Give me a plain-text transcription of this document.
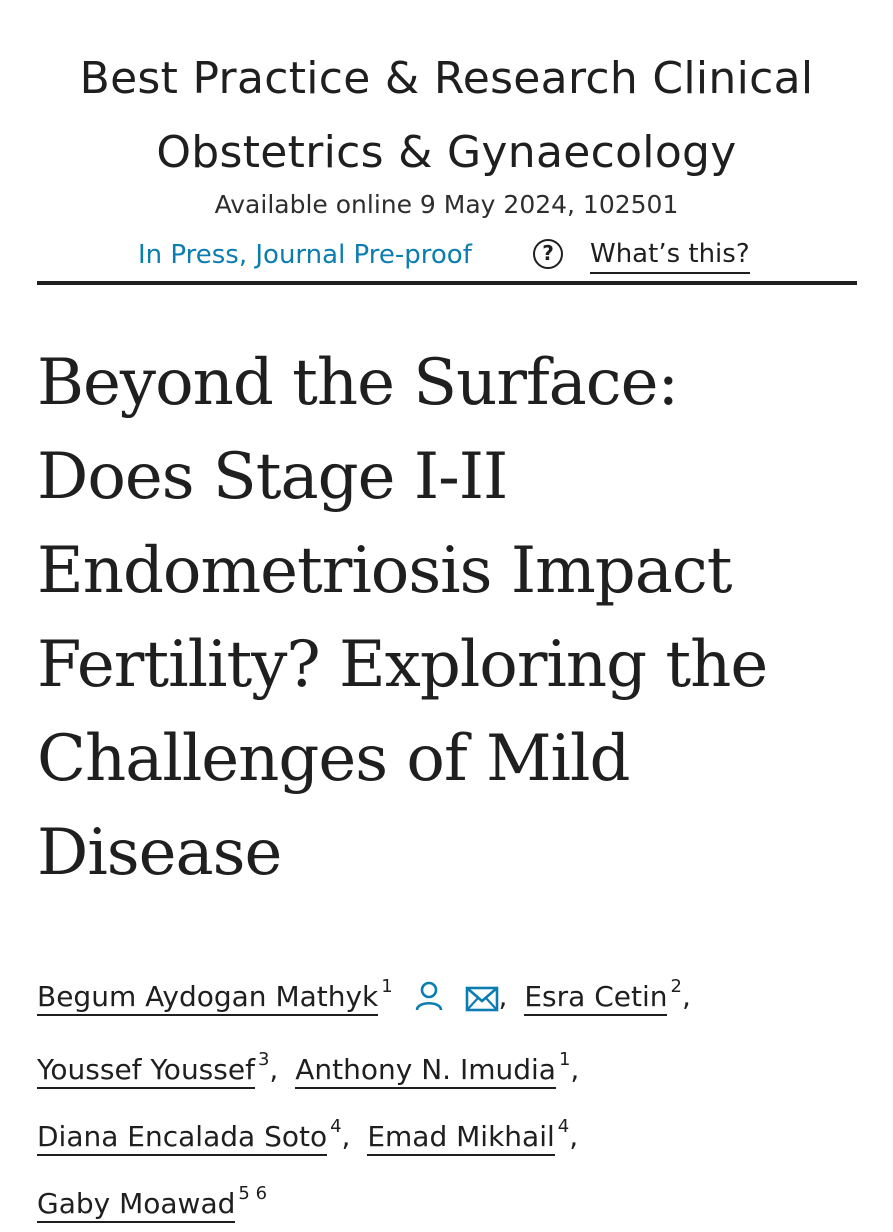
Best Practice & Research Clinical
Obstetrics & Gynaecology
Available online 9 May 2024, 102501
In Press, Journal Pre-proof	?	What’s this?
Beyond the Surface:
Does Stage I-II
Endometriosis Impact
Fertility? Exploring the
Challenges of Mild
Disease
Begum Aydogan Mathyk $^1$	, Esra Cetin $^2$,
Youssef Youssef $^3$, Anthony N. Imudia $^1$,
Diana Encalada Soto $^4$, Emad Mikhail $^4$,
Gaby Moawad $^{5 6}$
